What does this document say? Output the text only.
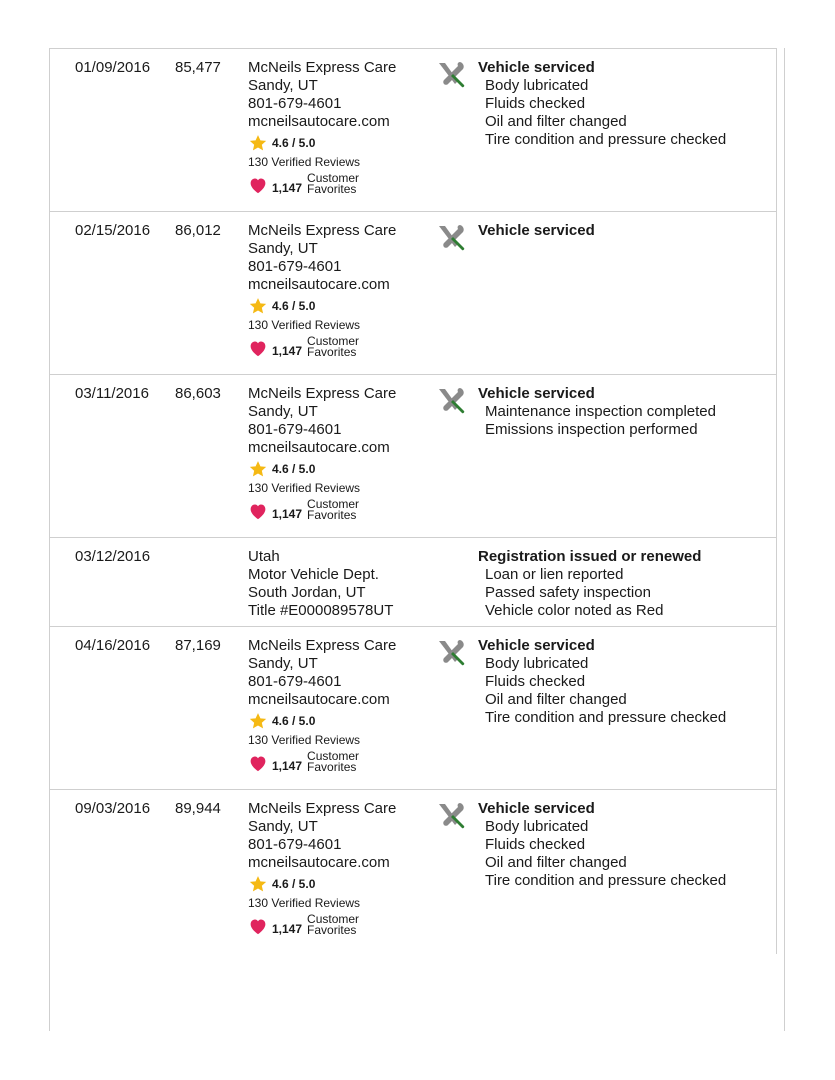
01/09/2016 85,477 McNeils Express Care
Sandy, UT
801-679-4601
mcneilsautocare.com
4.6 / 5.0
130 Verified Reviews
1,147
Customer
Favorites
Vehicle serviced
Body lubricated
Fluids checked
Oil and filter changed
Tire condition and pressure checked
02/15/2016 86,012 McNeils Express Care
Sandy, UT
801-679-4601
mcneilsautocare.com
4.6 / 5.0
130 Verified Reviews
1,147
Customer
Favorites
Vehicle serviced
03/11/2016 86,603 McNeils Express Care
Sandy, UT
801-679-4601
mcneilsautocare.com
4.6 / 5.0
130 Verified Reviews
1,147
Customer
Favorites
Vehicle serviced
Maintenance inspection completed
Emissions inspection performed
03/12/2016	Utah
Motor Vehicle Dept.
South Jordan, UT
Title #E000089578UT
Registration issued or renewed
Loan or lien reported
Passed safety inspection
Vehicle color noted as Red
04/16/2016 87,169 McNeils Express Care
Sandy, UT
801-679-4601
mcneilsautocare.com
4.6 / 5.0
130 Verified Reviews
1,147
Customer
Favorites
Vehicle serviced
Body lubricated
Fluids checked
Oil and filter changed
Tire condition and pressure checked
09/03/2016 89,944 McNeils Express Care
Sandy, UT
801-679-4601
mcneilsautocare.com
4.6 / 5.0
130 Verified Reviews
1,147
Customer
Favorites
Vehicle serviced
Body lubricated
Fluids checked
Oil and filter changed
Tire condition and pressure checked
